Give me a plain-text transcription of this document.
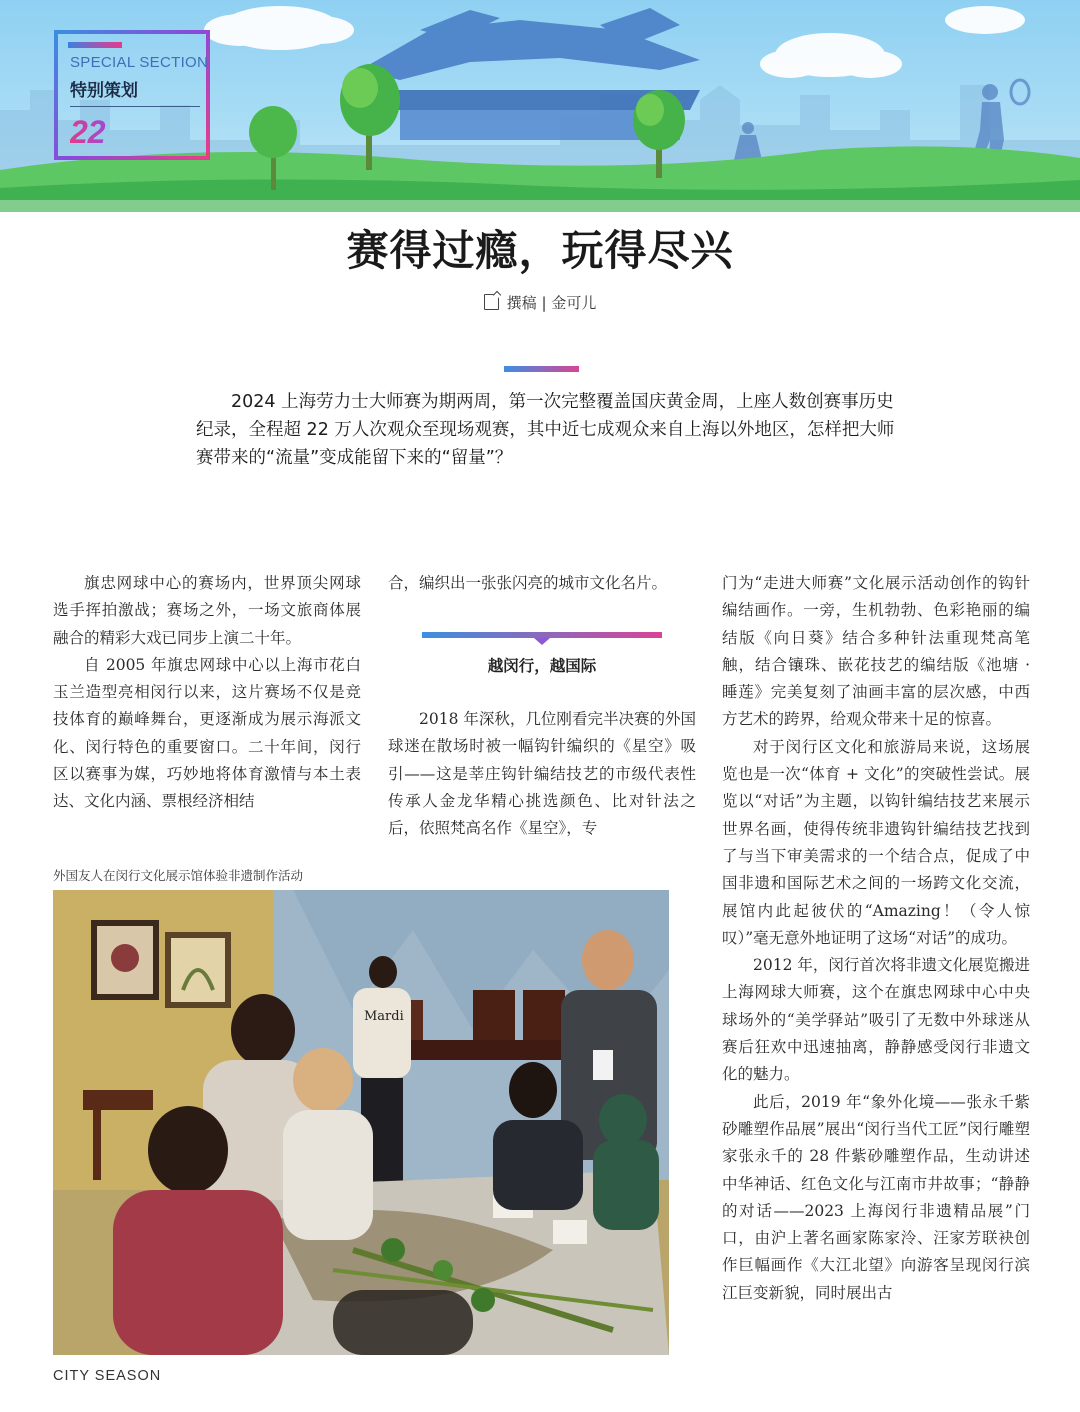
SPECIAL SECTION
特别策划
22
赛得过瘾，玩得尽兴
撰稿 | 金可儿

2024 上海劳力士大师赛为期两周，第一次完整覆盖国庆黄金周，上座人数创赛事历史纪录，全程超 22 万人次观众至现场观赛，其中近七成观众来自上海以外地区，怎样把大师赛带来的“流量”变成能留下来的“留量”？

旗忠网球中心的赛场内，世界顶尖网球选手挥拍激战；赛场之外，一场文旅商体展融合的精彩大戏已同步上演二十年。

自 2005 年旗忠网球中心以上海市花白玉兰造型亮相闵行以来，这片赛场不仅是竞技体育的巅峰舞台，更逐渐成为展示海派文化、闵行特色的重要窗口。二十年间，闵行区以赛事为媒，巧妙地将体育激情与本土表达、文化内涵、票根经济相结

合，编织出一张张闪亮的城市文化名片。

越闵行，越国际

2018 年深秋，几位刚看完半决赛的外国球迷在散场时被一幅钩针编织的《星空》吸引——这是莘庄钩针编结技艺的市级代表性传承人金龙华精心挑选颜色、比对针法之后，依照梵高名作《星空》，专

门为“走进大师赛”文化展示活动创作的钩针编结画作。一旁，生机勃勃、色彩艳丽的编结版《向日葵》结合多种针法重现梵高笔触，结合镶珠、嵌花技艺的编结版《池塘 · 睡莲》完美复刻了油画丰富的层次感，中西方艺术的跨界，给观众带来十足的惊喜。

对于闵行区文化和旅游局来说，这场展览也是一次“体育 + 文化”的突破性尝试。展览以“对话”为主题，以钩针编结技艺来展示世界名画，使得传统非遗钩针编结技艺找到了与当下审美需求的一个结合点，促成了中国非遗和国际艺术之间的一场跨文化交流，展馆内此起彼伏的“Amazing！（令人惊叹）”毫无意外地证明了这场“对话”的成功。

2012 年，闵行首次将非遗文化展览搬进上海网球大师赛，这个在旗忠网球中心中央球场外的“美学驿站”吸引了无数中外球迷从赛后狂欢中迅速抽离，静静感受闵行非遗文化的魅力。

此后，2019 年“象外化境——张永千紫砂雕塑作品展”展出“闵行当代工匠”闵行雕塑家张永千的 28 件紫砂雕塑作品，生动讲述中华神话、红色文化与江南市井故事；“静静的对话——2023 上海闵行非遗精品展”门口，由沪上著名画家陈家泠、汪家芳联袂创作巨幅画作《大江北望》向游客呈现闵行滨江巨变新貌，同时展出古

外国友人在闵行文化展示馆体验非遗制作活动
Mardi
CITY SEASON
